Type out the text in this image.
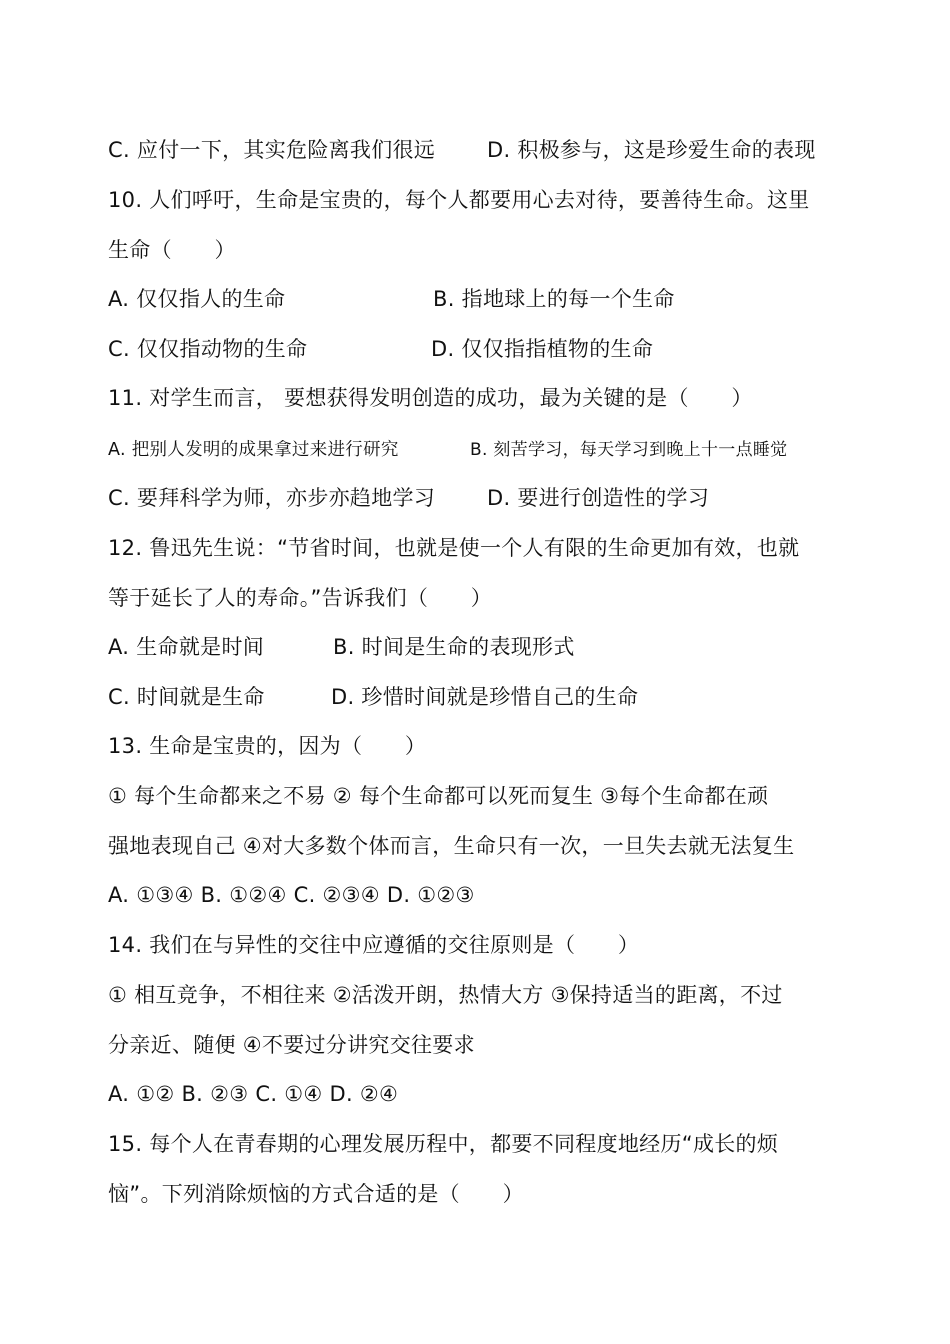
C. 应付一下，其实危险离我们很远 D. 积极参与，这是珍爱生命的表现
10. 人们呼吁，生命是宝贵的，每个人都要用心去对待，要善待生命。这里
生命（　　）
A. 仅仅指人的生命	B. 指地球上的每一个生命
C. 仅仅指动物的生命	D. 仅仅指指植物的生命
11. 对学生而言， 要想获得发明创造的成功，最为关键的是（　　）
A. 把别人发明的成果拿过来进行研究	B. 刻苦学习，每天学习到晚上十一点睡觉
C. 要拜科学为师，亦步亦趋地学习 D. 要进行创造性的学习
12. 鲁迅先生说：“节省时间，也就是使一个人有限的生命更加有效，也就
等于延长了人的寿命。”告诉我们（　　）
A. 生命就是时间	B. 时间是生命的表现形式
C. 时间就是生命	D. 珍惜时间就是珍惜自己的生命
13. 生命是宝贵的，因为（　　）
① 每个生命都来之不易 ② 每个生命都可以死而复生 ③每个生命都在顽
强地表现自己 ④对大多数个体而言，生命只有一次，一旦失去就无法复生
A. ①③④ B. ①②④ C. ②③④ D. ①②③
14. 我们在与异性的交往中应遵循的交往原则是（　　）
① 相互竞争，不相往来 ②活泼开朗，热情大方 ③保持适当的距离，不过
分亲近、随便 ④不要过分讲究交往要求
A. ①② B. ②③ C. ①④ D. ②④
15. 每个人在青春期的心理发展历程中，都要不同程度地经历“成长的烦
恼”。下列消除烦恼的方式合适的是（　　）
